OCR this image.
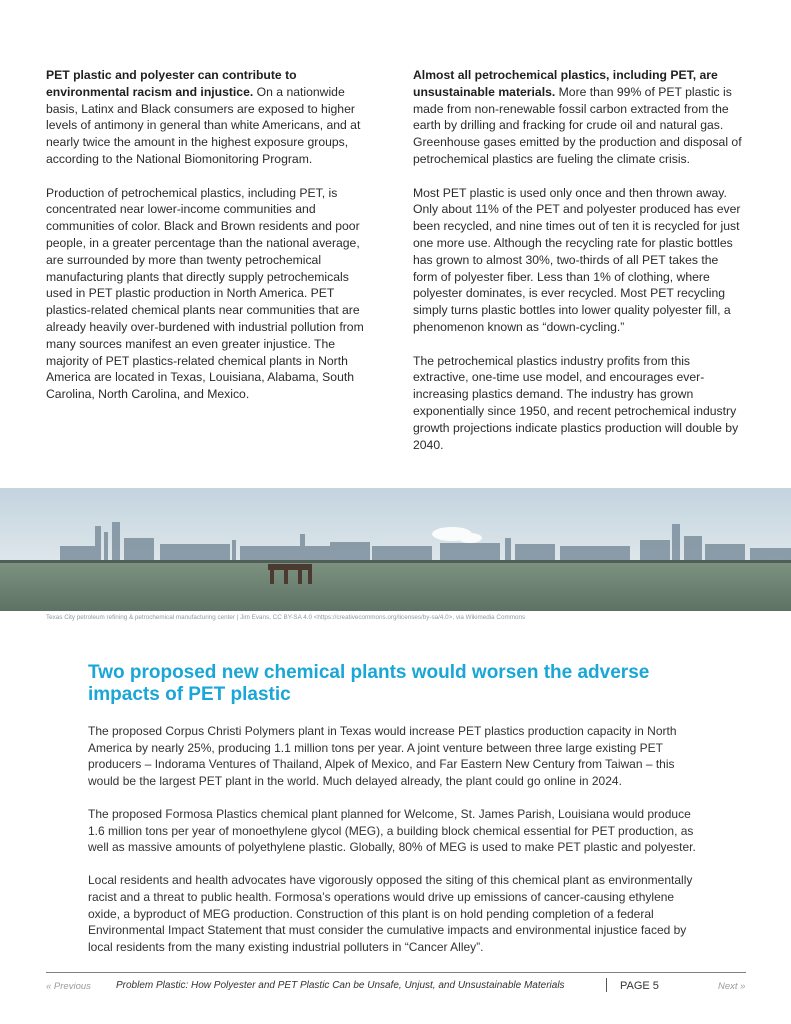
PET plastic and polyester can contribute to environmental racism and injustice. On a nationwide basis, Latinx and Black consumers are exposed to higher levels of antimony in general than white Americans, and at nearly twice the amount in the highest exposure groups, according to the National Biomonitoring Program.

Production of petrochemical plastics, including PET, is concentrated near lower-income communities and communities of color. Black and Brown residents and poor people, in a greater percentage than the national average, are surrounded by more than twenty petrochemical manufacturing plants that directly supply petrochemicals used in PET plastic production in North America. PET plastics-related chemical plants near communities that are already heavily over-burdened with industrial pollution from many sources manifest an even greater injustice. The majority of PET plastics-related chemical plants in North America are located in Texas, Louisiana, Alabama, South Carolina, North Carolina, and Mexico.

Almost all petrochemical plastics, including PET, are unsustainable materials. More than 99% of PET plastic is made from non-renewable fossil carbon extracted from the earth by drilling and fracking for crude oil and natural gas. Greenhouse gases emitted by the production and disposal of petrochemical plastics are fueling the climate crisis.

Most PET plastic is used only once and then thrown away. Only about 11% of the PET and polyester produced has ever been recycled, and nine times out of ten it is recycled for just one more use. Although the recycling rate for plastic bottles has grown to almost 30%, two-thirds of all PET takes the form of polyester fiber. Less than 1% of clothing, where polyester dominates, is ever recycled. Most PET recycling simply turns plastic bottles into lower quality polyester fill, a phenomenon known as “down-cycling.”

The petrochemical plastics industry profits from this extractive, one-time use model, and encourages ever-increasing plastics demand. The industry has grown exponentially since 1950, and recent petrochemical industry growth projections indicate plastics production will double by 2040.

Texas City petroleum refining & petrochemical manufacturing center | Jim Evans, CC BY-SA 4.0 <https://creativecommons.org/licenses/by-sa/4.0>, via Wikimedia Commons
Two proposed new chemical plants would worsen the adverse impacts of PET plastic

The proposed Corpus Christi Polymers plant in Texas would increase PET plastics production capacity in North America by nearly 25%, producing 1.1 million tons per year. A joint venture between three large existing PET producers – Indorama Ventures of Thailand, Alpek of Mexico, and Far Eastern New Century from Taiwan – this would be the largest PET plant in the world. Much delayed already, the plant could go online in 2024.

The proposed Formosa Plastics chemical plant planned for Welcome, St. James Parish, Louisiana would produce 1.6 million tons per year of monoethylene glycol (MEG), a building block chemical essential for PET production, as well as massive amounts of polyethylene plastic. Globally, 80% of MEG is used to make PET plastic and polyester.

Local residents and health advocates have vigorously opposed the siting of this chemical plant as environmentally racist and a threat to public health. Formosa’s operations would drive up emissions of cancer-causing ethylene oxide, a byproduct of MEG production. Construction of this plant is on hold pending completion of a federal Environmental Impact Statement that must consider the cumulative impacts and environmental injustice faced by local residents from the many existing industrial polluters in “Cancer Alley”.

« Previous	Problem Plastic: How Polyester and PET Plastic Can be Unsafe, Unjust, and Unsustainable Materials	PAGE 5	Next »
